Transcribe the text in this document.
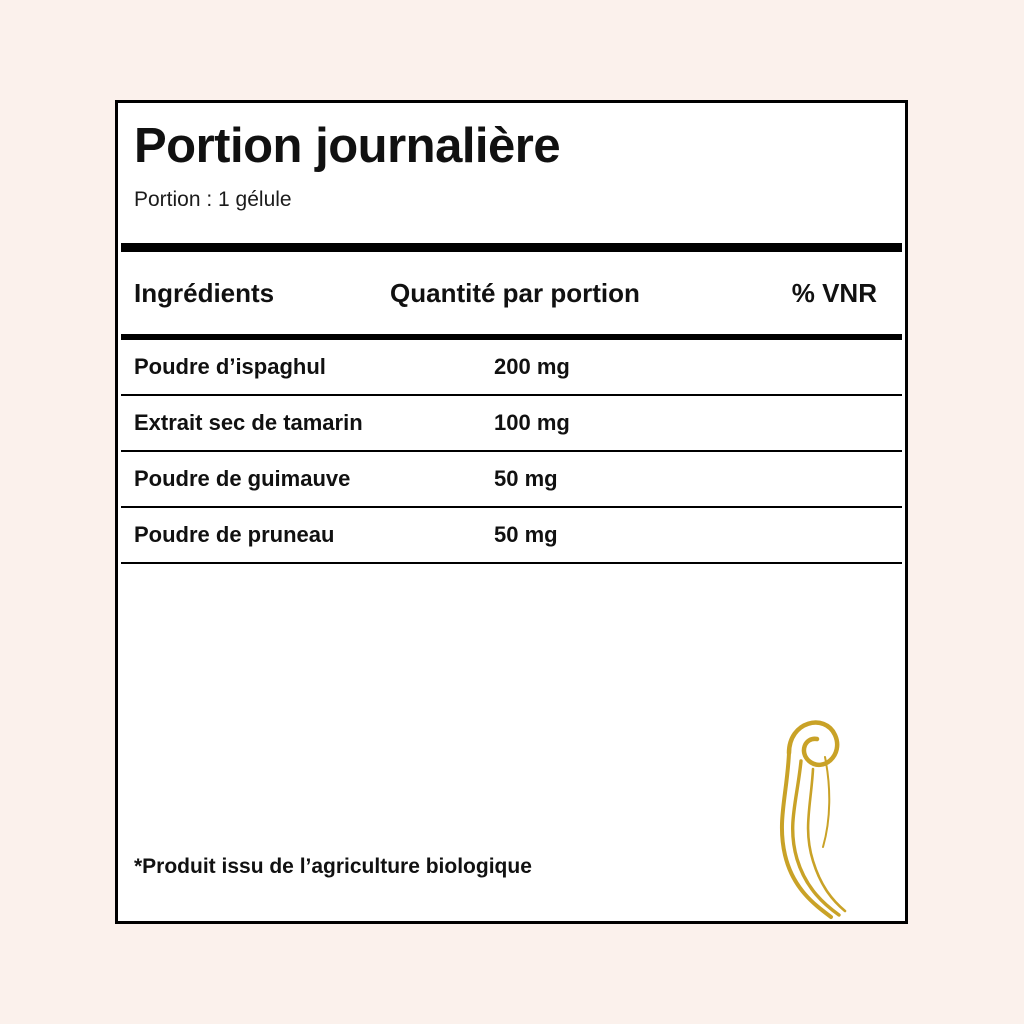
Portion journalière
Portion : 1 gélule
Ingrédients	Quantité par portion	% VNR
Poudre d’ispaghul	200 mg
Extrait sec de tamarin	100 mg
Poudre de guimauve	50 mg
Poudre de pruneau	50 mg
*Produit issu de l’agriculture biologique
